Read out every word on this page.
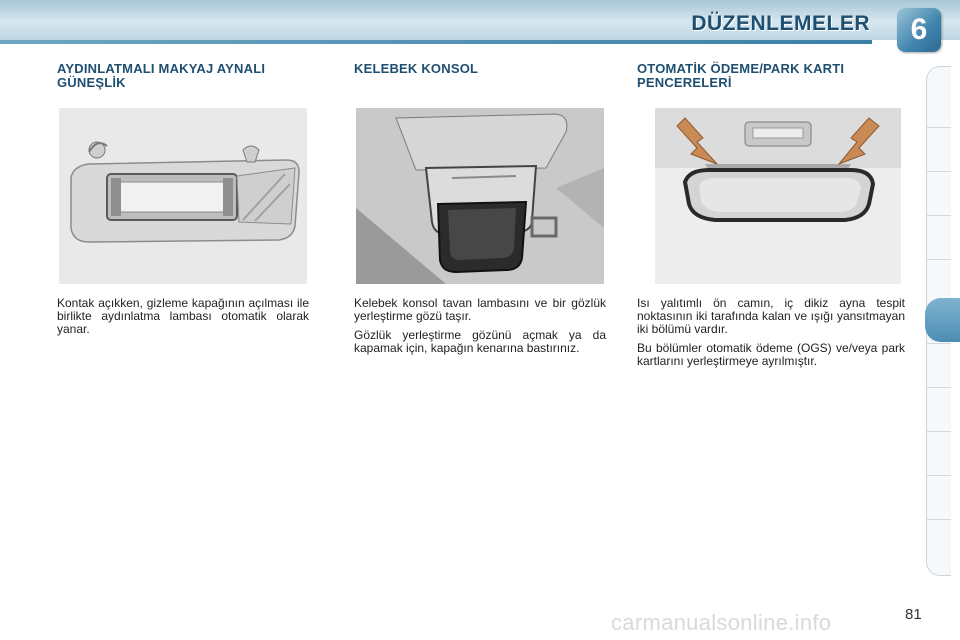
DÜZENLEMELER	6
AYDINLATMALI MAKYAJ AYNALI GÜNEŞLİK

Kontak açıkken, gizleme kapağının açılması ile birlikte aydınlatma lambası otomatik olarak yanar.

KELEBEK KONSOL

Kelebek konsol tavan lambasını ve bir gözlük yerleştirme gözü taşır.

Gözlük yerleştirme gözünü açmak ya da kapamak için, kapağın kenarına bastırınız.

OTOMATİK ÖDEME/PARK KARTI PENCERELERİ

Isı yalıtımlı ön camın, iç dikiz ayna tespit noktasının iki tarafında kalan ve ışığı yansıtmayan iki bölümü vardır.

Bu bölümler otomatik ödeme (OGS) ve/veya park kartlarını yerleştirmeye ayrılmıştır.

81
carmanualsonline.info
